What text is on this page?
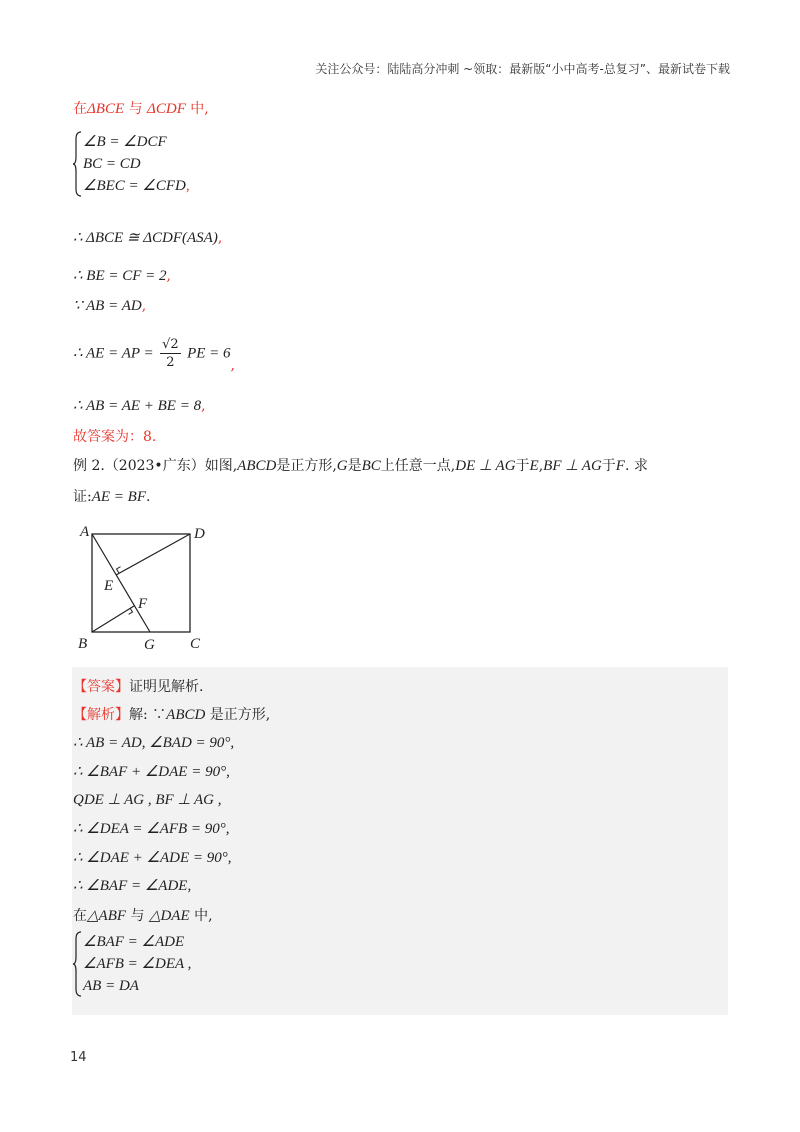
关注公众号：陆陆高分冲刺 ~领取：最新版“小中高考-总复习”、最新试卷下载
在ΔBCE 与 ΔCDF 中,
∠B = ∠DCF
BC = CD
∠BEC = ∠CFD,
∴ ΔBCE ≅ ΔCDF(ASA),
∴ BE = CF = 2,
∵ AB = AD,
∴ AE = AP = $\frac{√2}{2}$ PE = 6,
∴ AB = AE + BE = 8,
故答案为：8.
例 2.（2023•广东）如图,ABCD是正方形,G是BC上任意一点,DE ⊥ AG于E,BF ⊥ AG于F. 求
证:AE = BF.
A	D
B	C
E
F
G
【答案】证明见解析.
【解析】解: ∵ABCD 是正方形,
∴ AB = AD, ∠BAD = 90°,
∴ ∠BAF + ∠DAE = 90°,
QDE ⊥ AG , BF ⊥ AG ,
∴ ∠DEA = ∠AFB = 90°,
∴ ∠DAE + ∠ADE = 90°,
∴ ∠BAF = ∠ADE,
在△ABF 与 △DAE 中,
∠BAF = ∠ADE
∠AFB = ∠DEA ,
AB = DA
14
